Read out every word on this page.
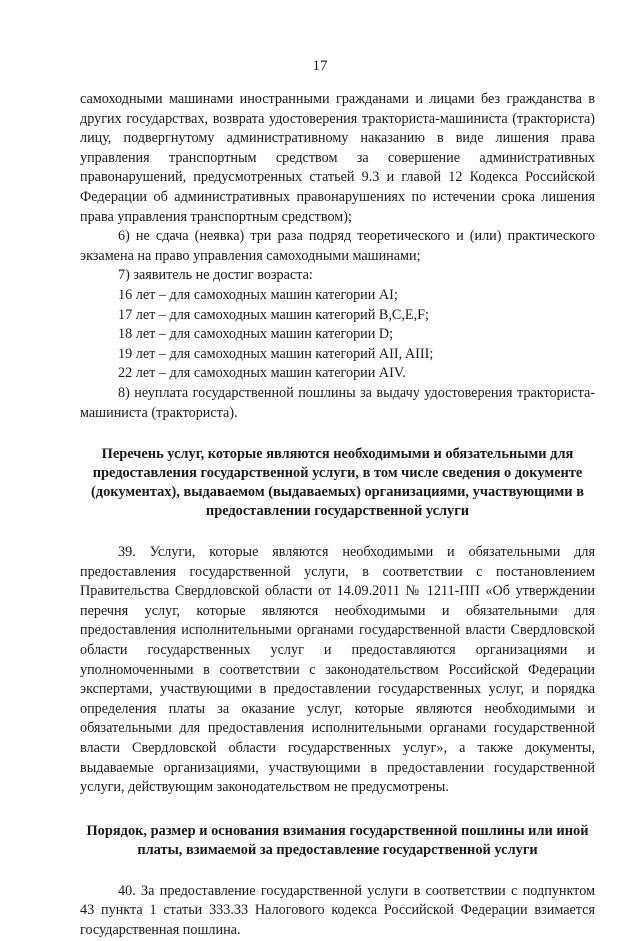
17

самоходными машинами иностранными гражданами и лицами без гражданства в других государствах, возврата удостоверения тракториста-машиниста (тракториста) лицу, подвергнутому административному наказанию в виде лишения права управления транспортным средством за совершение административных правонарушений, предусмотренных статьей 9.3 и главой 12 Кодекса Российской Федерации об административных правонарушениях по истечении срока лишения права управления транспортным средством);

6) не сдача (неявка) три раза подряд теоретического и (или) практического экзамена на право управления самоходными машинами;

7) заявитель не достиг возраста:

16 лет – для самоходных машин категории AI;

17 лет – для самоходных машин категорий B,C,E,F;

18 лет – для самоходных машин категории D;

19 лет – для самоходных машин категорий AII, AIII;

22 лет – для самоходных машин категории AIV.

8) неуплата государственной пошлины за выдачу удостоверения тракториста-машиниста (тракториста).

Перечень услуг, которые являются необходимыми и обязательными для предоставления государственной услуги, в том числе сведения о документе (документах), выдаваемом (выдаваемых) организациями, участвующими в предоставлении государственной услуги

39. Услуги, которые являются необходимыми и обязательными для предоставления государственной услуги, в соответствии с постановлением Правительства Свердловской области от 14.09.2011 № 1211-ПП «Об утверждении перечня услуг, которые являются необходимыми и обязательными для предоставления исполнительными органами государственной власти Свердловской области государственных услуг и предоставляются организациями и уполномоченными в соответствии с законодательством Российской Федерации экспертами, участвующими в предоставлении государственных услуг, и порядка определения платы за оказание услуг, которые являются необходимыми и обязательными для предоставления исполнительными органами государственной власти Свердловской области государственных услуг», а также документы, выдаваемые организациями, участвующими в предоставлении государственной услуги, действующим законодательством не предусмотрены.

Порядок, размер и основания взимания государственной пошлины или иной платы, взимаемой за предоставление государственной услуги

40. За предоставление государственной услуги в соответствии с подпунктом 43 пункта 1 статьи 333.33 Налогового кодекса Российской Федерации взимается государственная пошлина.
